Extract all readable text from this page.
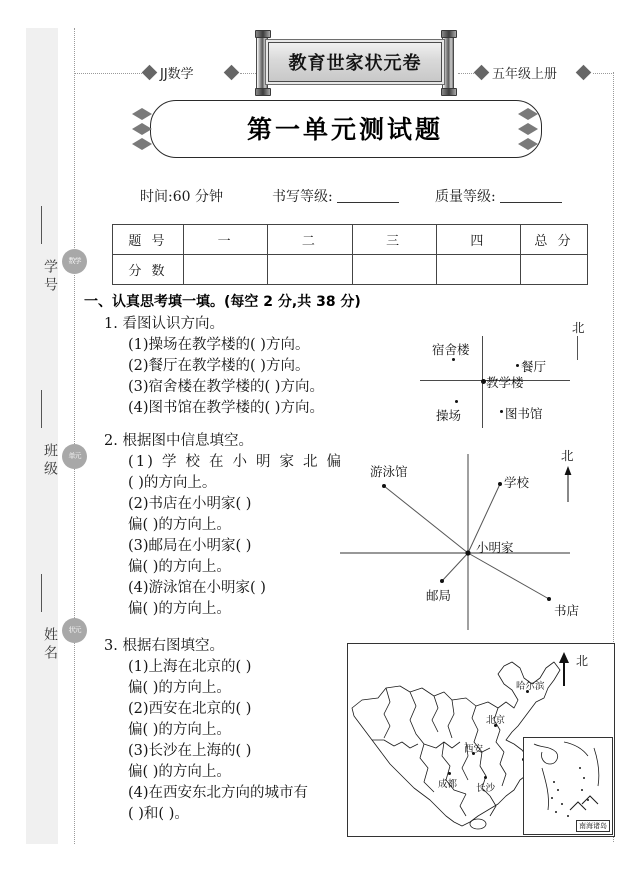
学号
班级
姓名
数学
单元
状元
JJ数学	五年级上册
教育世家状元卷
第一单元测试题
时间:60 分钟	书写等级:	质量等级:
题 号	一	二	三	四	总 分
分 数					
一、认真思考填一填。(每空 2 分,共 38 分)
1. 看图认识方向。
(1)操场在教学楼的( )方向。
(2)餐厅在教学楼的( )方向。
(3)宿舍楼在教学楼的( )方向。
(4)图书馆在教学楼的( )方向。
宿舍楼
餐厅
教学楼
操场	图书馆
北
2. 根据图中信息填空。
(1) 学 校 在 小 明 家 北 偏
( )的方向上。
(2)书店在小明家( )
偏( )的方向上。
(3)邮局在小明家( )
偏( )的方向上。
(4)游泳馆在小明家( )
偏( )的方向上。
游泳馆
学校
邮局
书店
小明家
北
3. 根据右图填空。
(1)上海在北京的( )
偏( )的方向上。
(2)西安在北京的( )
偏( )的方向上。
(3)长沙在上海的( )
偏( )的方向上。
(4)在西安东北方向的城市有
( )和( )。
哈尔滨
北京
西安
成都 长沙
北
南海诸岛
